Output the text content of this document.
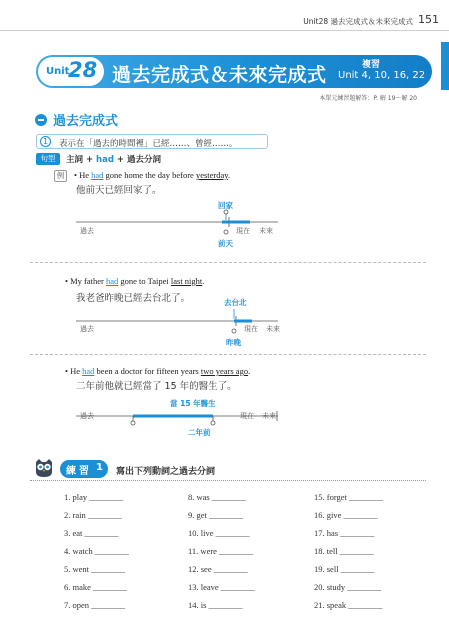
Unit28 過去完成式＆未來完成式 151
Unit
28 過去完成式＆未來完成式	複習
Unit 4, 10, 16, 22
本單元練習題解答：P. 解 19～解 20
過去完成式
1	表示在「過去的時間裡」已經……、曾經……。
句型	主詞 + had + 過去分詞
例	• He had gone home the day before yesterday.
他前天已經回家了。
回家
過去	現在 未來
前天
• My father had gone to Taipei last night.
我老爸昨晚已經去台北了。	去台北
過去	現在 未來
昨晚
• He had been a doctor for fifteen years two years ago.
二年前他就已經當了 15 年的醫生了。
當 15 年醫生
過去	現在 未來
二年前
練 習 1 寫出下列動詞之過去分詞
1. play ________
2. rain ________
3. eat ________
4. watch ________
5. went ________
6. make ________
7. open ________
8. was ________
9. get ________
10. live ________
11. were ________
12. see ________
13. leave ________
14. is ________
15. forget ________
16. give ________
17. has ________
18. tell ________
19. sell ________
20. study ________
21. speak ________
